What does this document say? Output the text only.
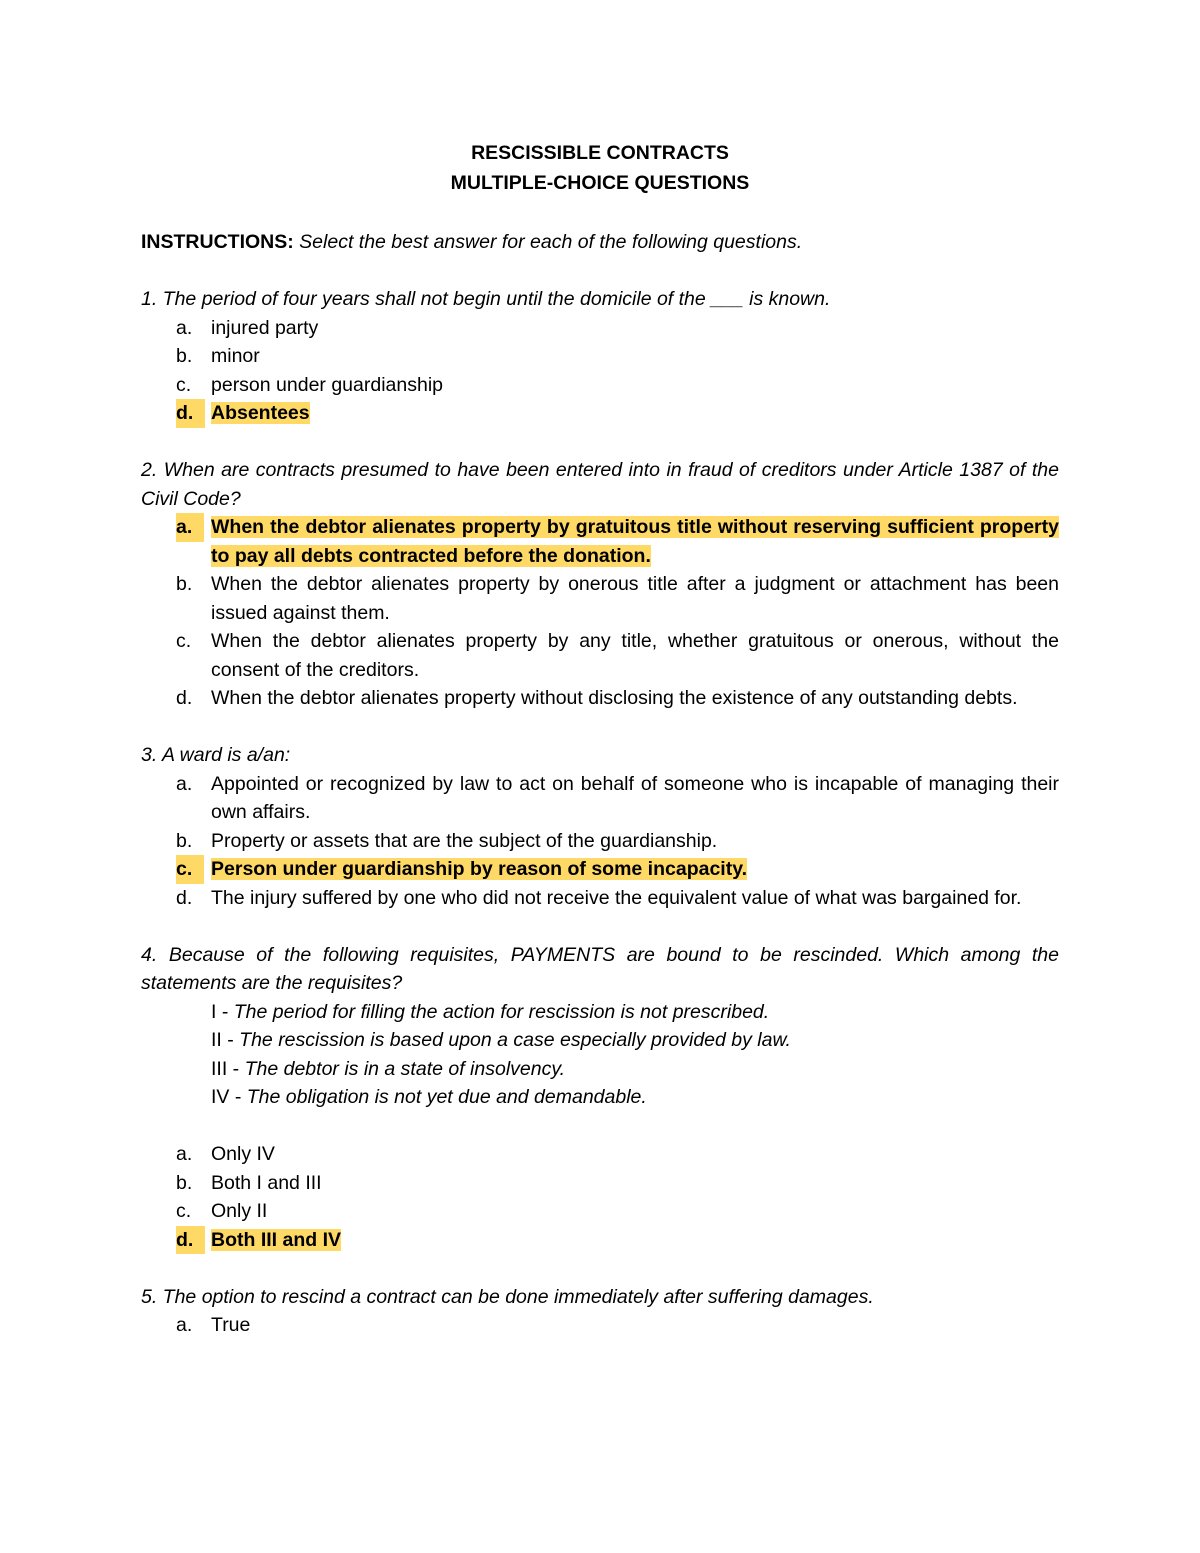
RESCISSIBLE CONTRACTS
MULTIPLE-CHOICE QUESTIONS

INSTRUCTIONS: Select the best answer for each of the following questions.

1. The period of four years shall not begin until the domicile of the ___ is known.
a. injured party
b. minor
c. person under guardianship
d. Absentees
2. When are contracts presumed to have been entered into in fraud of creditors under Article 1387 of the Civil Code?
a. When the debtor alienates property by gratuitous title without reserving sufficient property to pay all debts contracted before the donation.
b. When the debtor alienates property by onerous title after a judgment or attachment has been issued against them.
c. When the debtor alienates property by any title, whether gratuitous or onerous, without the consent of the creditors.
d. When the debtor alienates property without disclosing the existence of any outstanding debts.
3. A ward is a/an:
a. Appointed or recognized by law to act on behalf of someone who is incapable of managing their own affairs.
b. Property or assets that are the subject of the guardianship.
c. Person under guardianship by reason of some incapacity.
d. The injury suffered by one who did not receive the equivalent value of what was bargained for.
4. Because of the following requisites, PAYMENTS are bound to be rescinded. Which among the statements are the requisites?
I - The period for filling the action for rescission is not prescribed.
II - The rescission is based upon a case especially provided by law.
III - The debtor is in a state of insolvency.
IV - The obligation is not yet due and demandable.
a. Only IV
b. Both I and III
c. Only II
d. Both III and IV
5. The option to rescind a contract can be done immediately after suffering damages.
a. True
